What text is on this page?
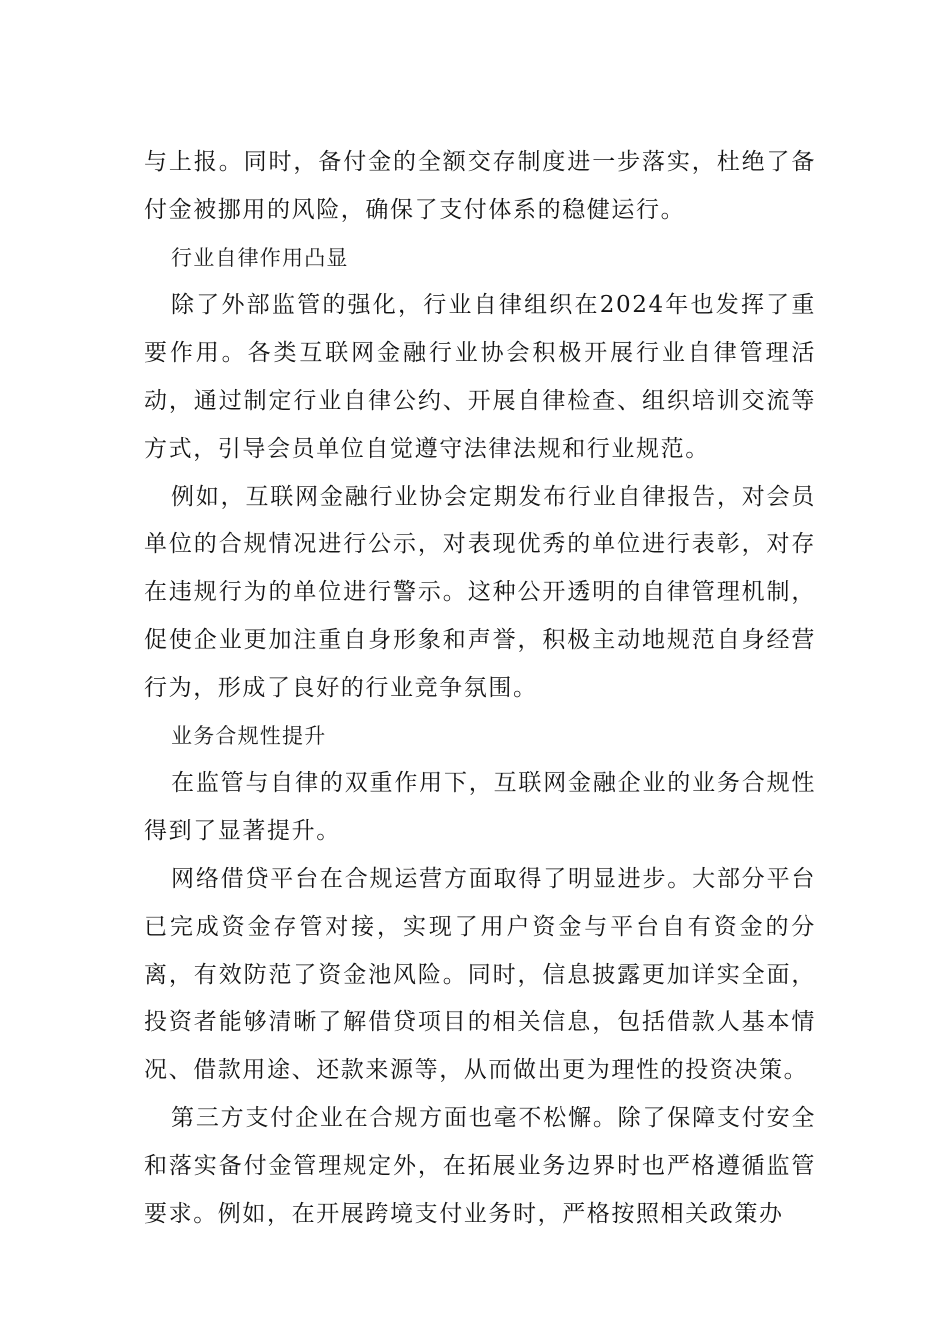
与上报。同时，备付金的全额交存制度进一步落实，杜绝了备付金被挪用的风险，确保了支付体系的稳健运行。

行业自律作用凸显

除了外部监管的强化，行业自律组织在2024年也发挥了重要作用。各类互联网金融行业协会积极开展行业自律管理活动，通过制定行业自律公约、开展自律检查、组织培训交流等方式，引导会员单位自觉遵守法律法规和行业规范。

例如，互联网金融行业协会定期发布行业自律报告，对会员单位的合规情况进行公示，对表现优秀的单位进行表彰，对存在违规行为的单位进行警示。这种公开透明的自律管理机制，促使企业更加注重自身形象和声誉，积极主动地规范自身经营行为，形成了良好的行业竞争氛围。

业务合规性提升

在监管与自律的双重作用下，互联网金融企业的业务合规性得到了显著提升。

网络借贷平台在合规运营方面取得了明显进步。大部分平台已完成资金存管对接，实现了用户资金与平台自有资金的分离，有效防范了资金池风险。同时，信息披露更加详实全面，投资者能够清晰了解借贷项目的相关信息，包括借款人基本情况、借款用途、还款来源等，从而做出更为理性的投资决策。

第三方支付企业在合规方面也毫不松懈。除了保障支付安全和落实备付金管理规定外，在拓展业务边界时也严格遵循监管要求。例如，在开展跨境支付业务时，严格按照相关政策办
